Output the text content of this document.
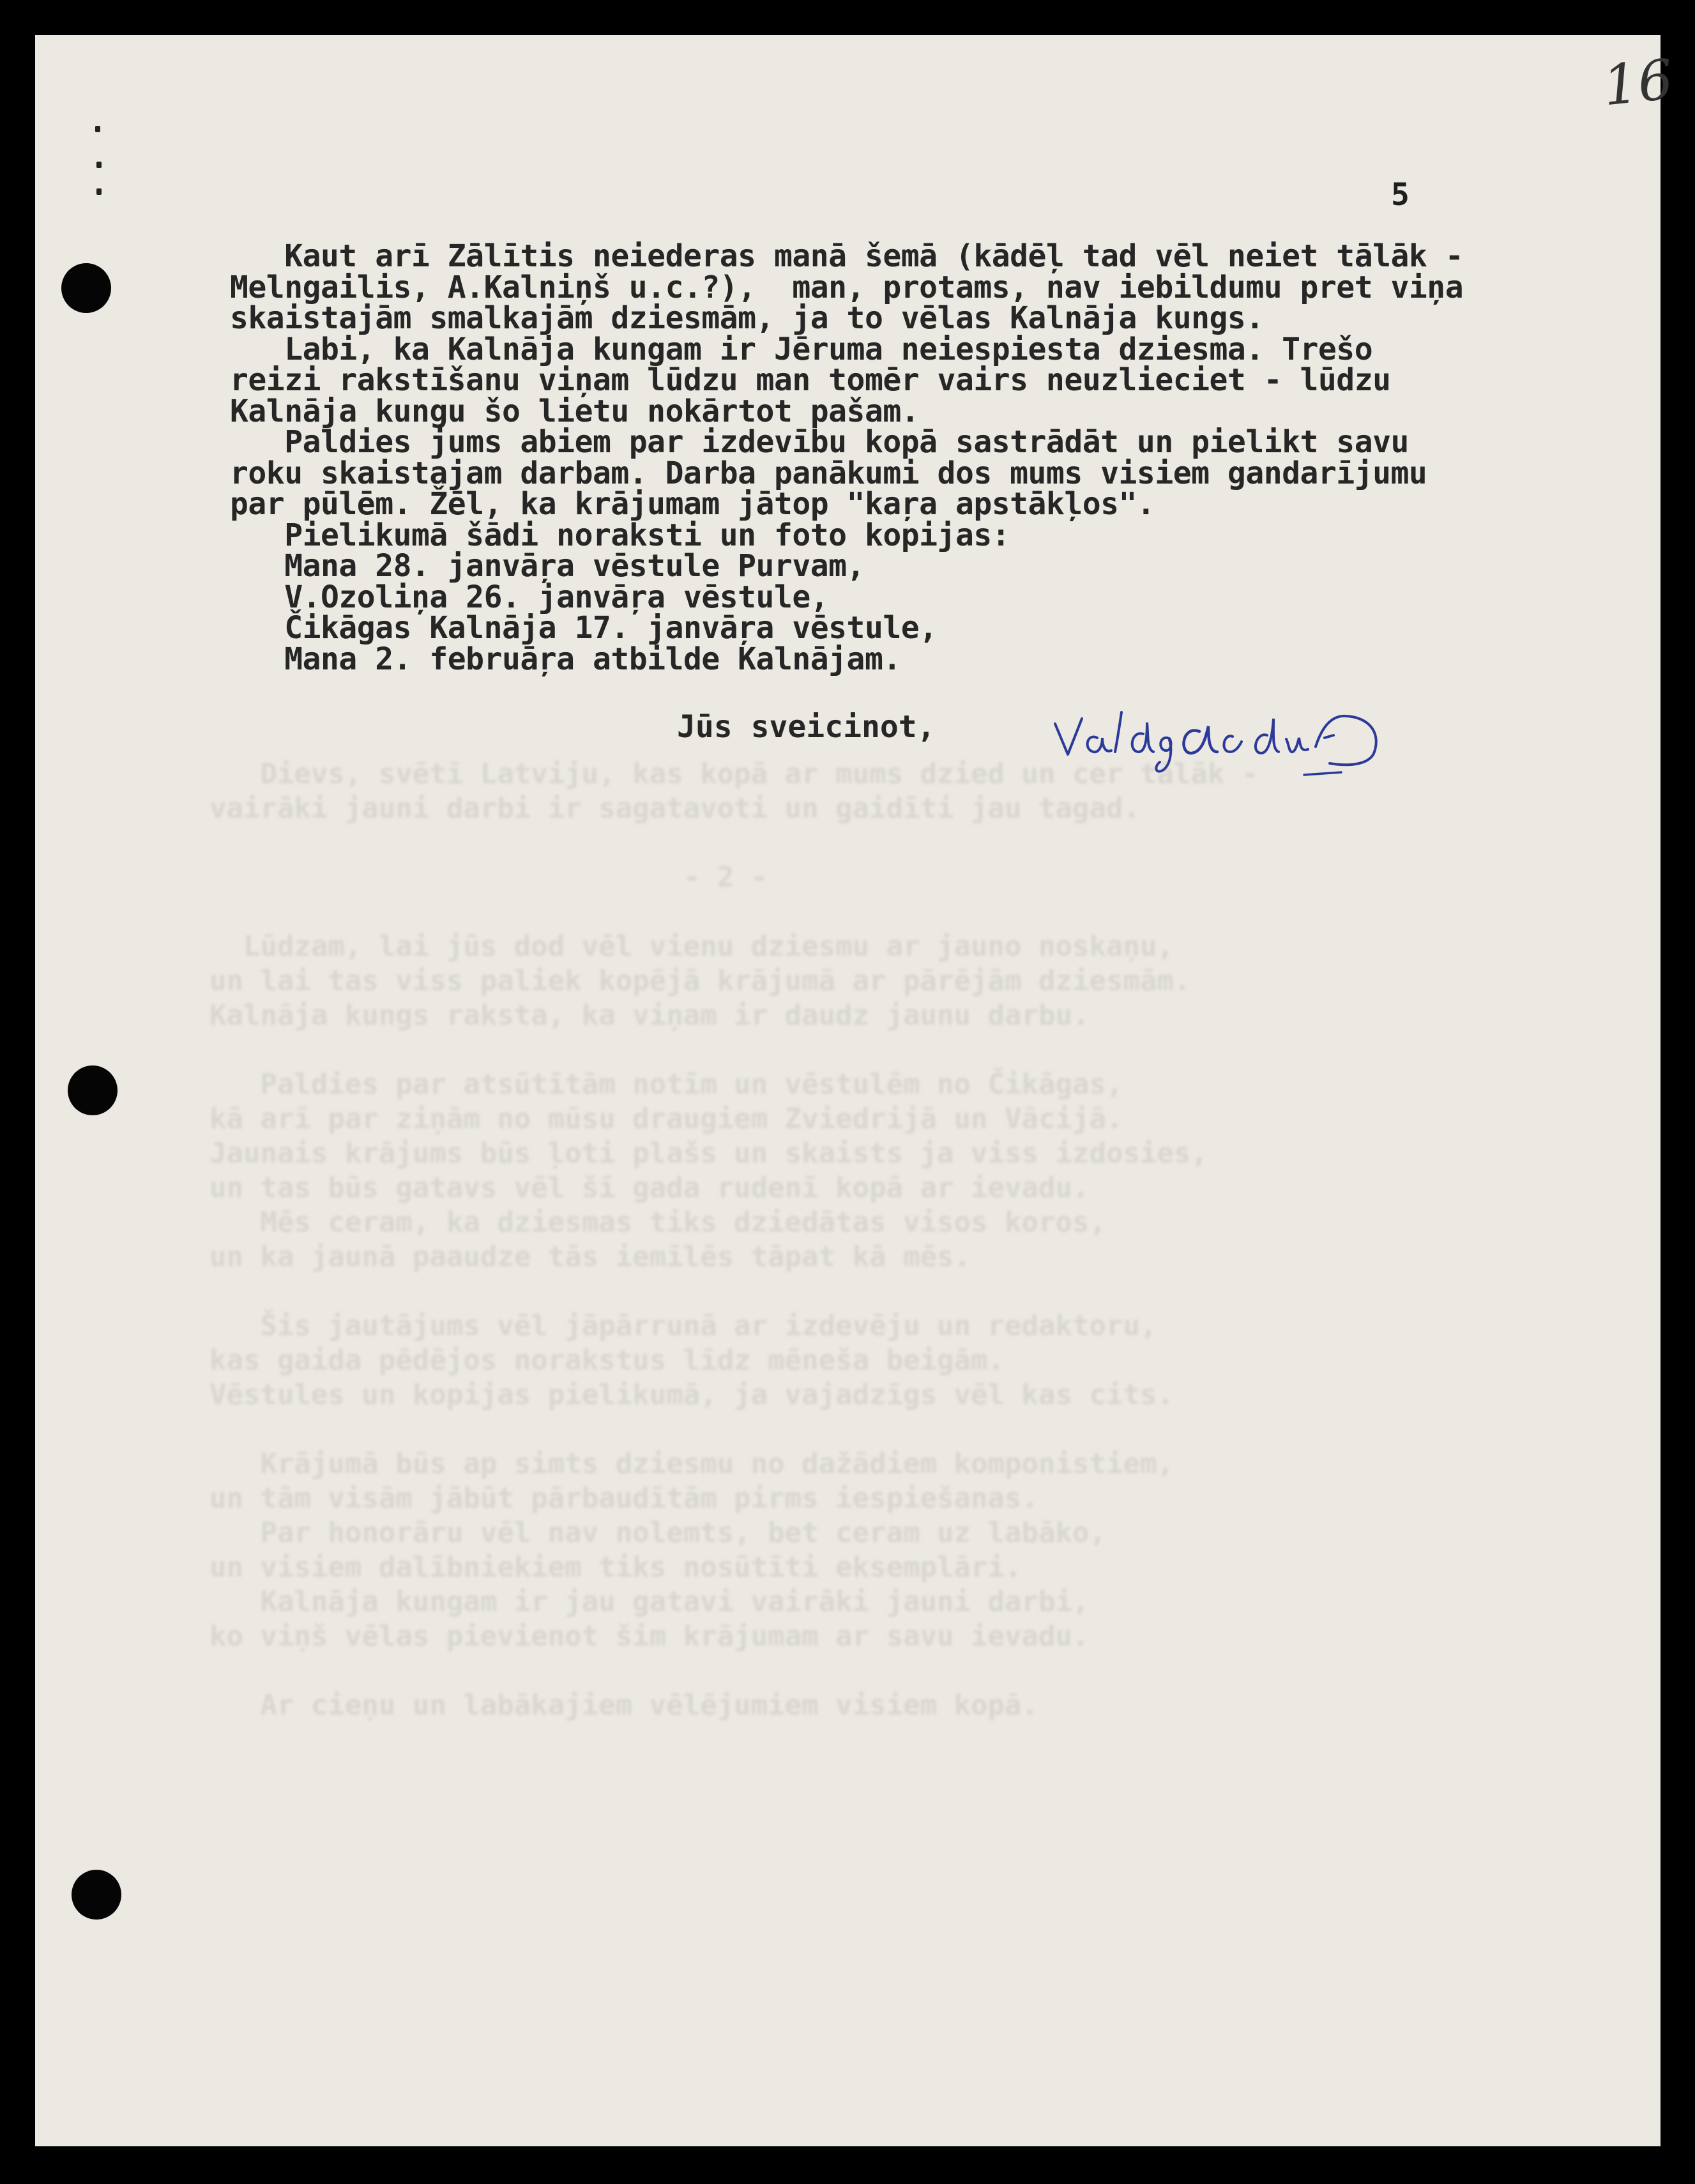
Dievs, svētī Latviju, kas kopā ar mums dzied un cer tālāk -
vairāki jauni darbi ir sagatavoti un gaidīti jau tagad.
- 2 -
Lūdzam, lai jūs dod vēl vienu dziesmu ar jauno noskaņu,
un lai tas viss paliek kopējā krājumā ar pārējām dziesmām.
Kalnāja kungs raksta, ka viņam ir daudz jaunu darbu.
Paldies par atsūtītām notīm un vēstulēm no Čikāgas,
kā arī par ziņām no mūsu draugiem Zviedrijā un Vācijā.
Jaunais krājums būs ļoti plašs un skaists ja viss izdosies,
un tas būs gatavs vēl šī gada rudenī kopā ar ievadu.
Mēs ceram, ka dziesmas tiks dziedātas visos koros,
un ka jaunā paaudze tās iemīlēs tāpat kā mēs.
Šis jautājums vēl jāpārrunā ar izdevēju un redaktoru,
kas gaida pēdējos norakstus līdz mēneša beigām.
Vēstules un kopijas pielikumā, ja vajadzīgs vēl kas cits.
Krājumā būs ap simts dziesmu no dažādiem komponistiem,
un tām visām jābūt pārbaudītām pirms iespiešanas.
Par honorāru vēl nav nolemts, bet ceram uz labāko,
un visiem dalībniekiem tiks nosūtīti eksemplāri.
Kalnāja kungam ir jau gatavi vairāki jauni darbi,
ko viņš vēlas pievienot šim krājumam ar savu ievadu.
Ar cieņu un labākajiem vēlējumiem visiem kopā.
16
5
Kaut arī Zālītis neiederas manā šemā (kādēļ tad vēl neiet tālāk -
Melngailis, A.Kalniņš u.c.?),  man, protams, nav iebildumu pret viņa
skaistajām smalkajām dziesmām, ja to vēlas Kalnāja kungs.
Labi, ka Kalnāja kungam ir Jēruma neiespiesta dziesma. Trešo
reizi rakstīšanu viņam lūdzu man tomēr vairs neuzlieciet - lūdzu
Kalnāja kungu šo lietu nokārtot pašam.
Paldies jums abiem par izdevību kopā sastrādāt un pielikt savu
roku skaistajam darbam. Darba panākumi dos mums visiem gandarījumu
par pūlēm. Žēl, ka krājumam jātop "kaŗa apstākļos".
Pielikumā šādi noraksti un foto kopijas:
Mana 28. janvāŗa vēstule Purvam,
V.Ozoliņa 26. janvāŗa vēstule,
Čikāgas Kalnāja 17. janvāŗa vēstule,
Mana 2. februāŗa atbilde Kalnājam.
Jūs sveicinot,
